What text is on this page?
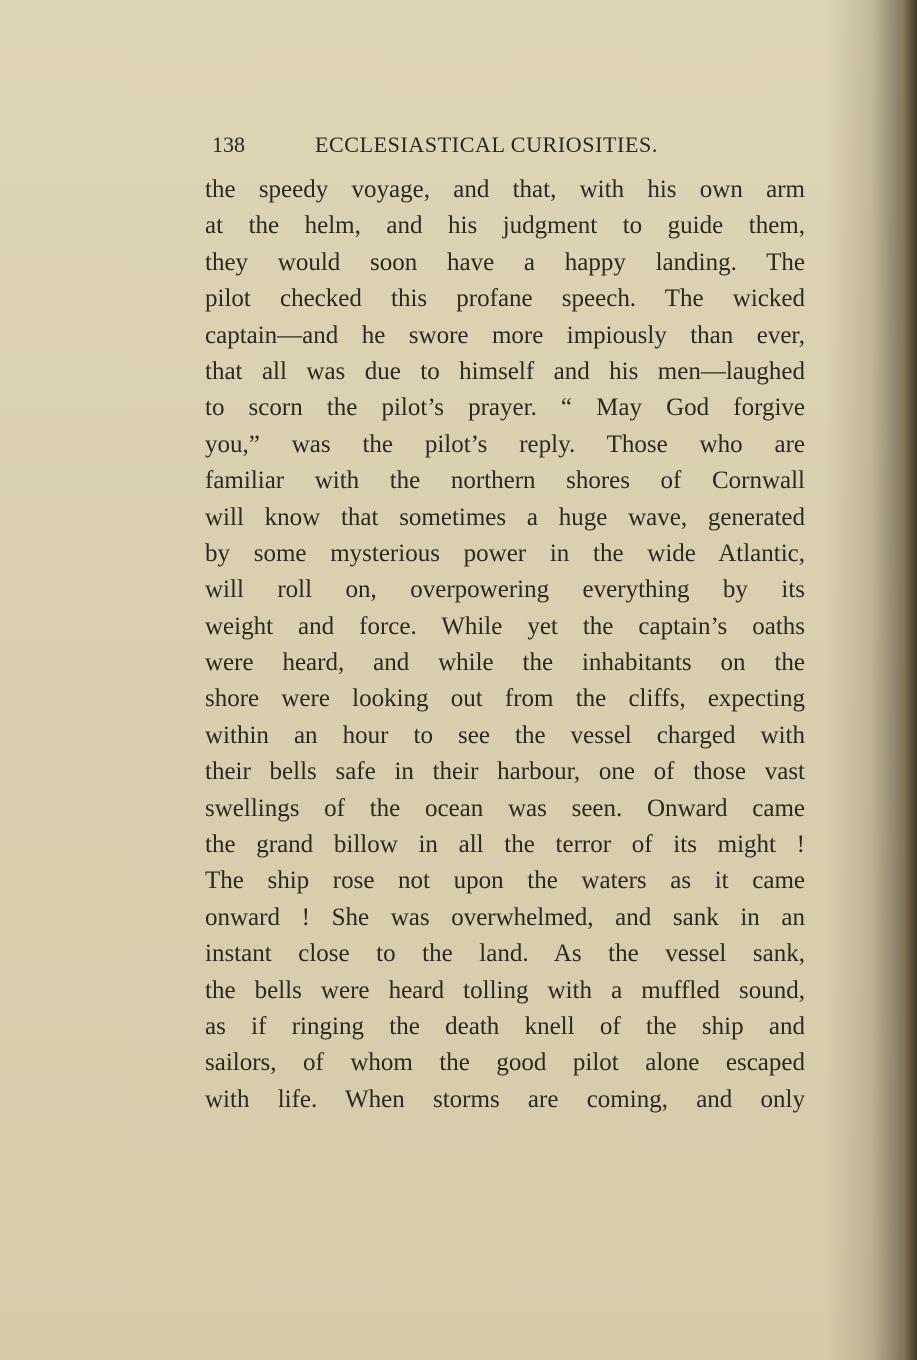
138	ECCLESIASTICAL CURIOSITIES.
the speedy voyage, and that, with his own arm
at the helm, and his judgment to guide them,
they would soon have a happy landing. The
pilot checked this profane speech. The wicked
captain—and he swore more impiously than ever,
that all was due to himself and his men—laughed
to scorn the pilot’s prayer. “ May God forgive
you,” was the pilot’s reply. Those who are
familiar with the northern shores of Cornwall
will know that sometimes a huge wave, generated
by some mysterious power in the wide Atlantic,
will roll on, overpowering everything by its
weight and force. While yet the captain’s oaths
were heard, and while the inhabitants on the
shore were looking out from the cliffs, expecting
within an hour to see the vessel charged with
their bells safe in their harbour, one of those vast
swellings of the ocean was seen. Onward came
the grand billow in all the terror of its might !
The ship rose not upon the waters as it came
onward ! She was overwhelmed, and sank in an
instant close to the land. As the vessel sank,
the bells were heard tolling with a muffled sound,
as if ringing the death knell of the ship and
sailors, of whom the good pilot alone escaped
with life. When storms are coming, and only
